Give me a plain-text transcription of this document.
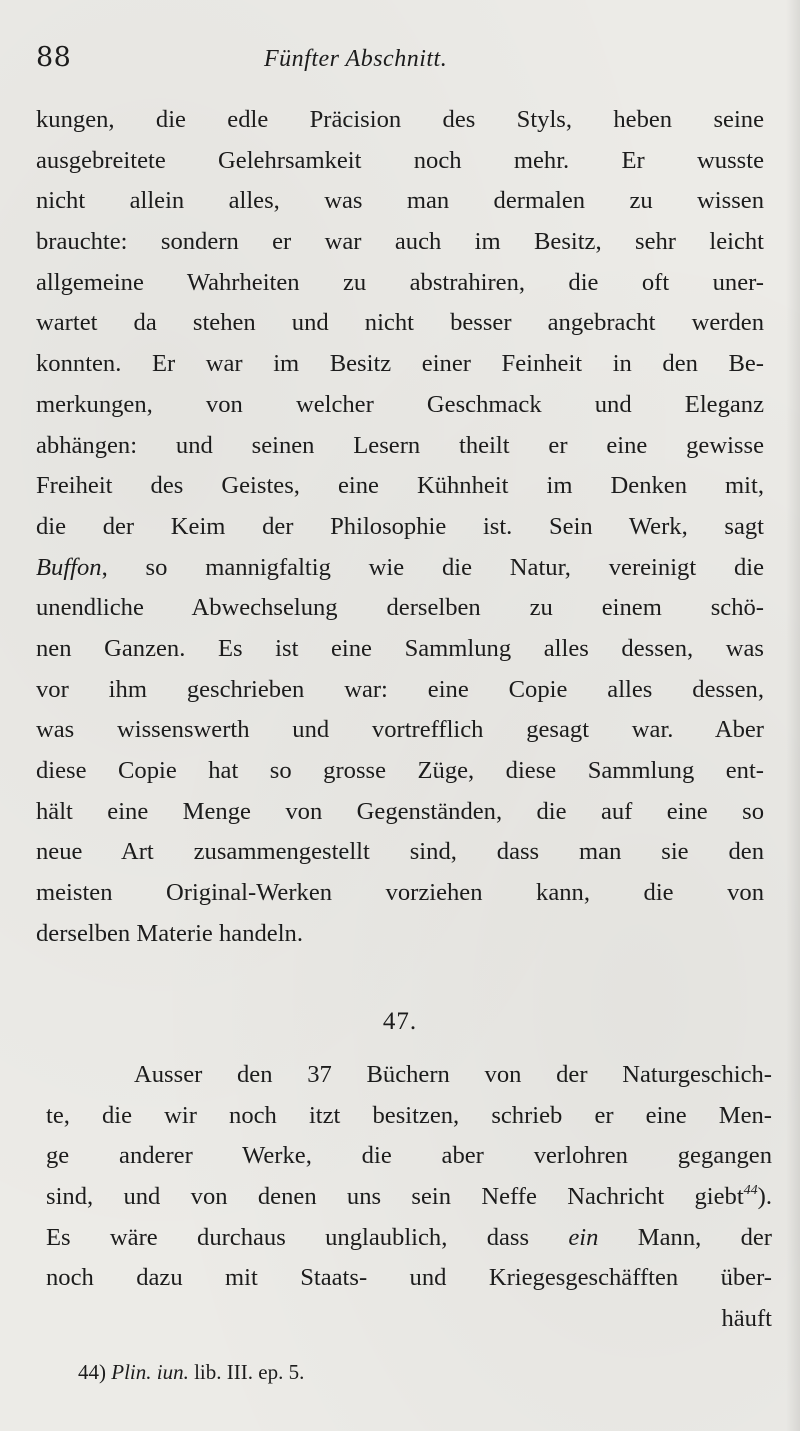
88	Fünfter Abschnitt.
kungen, die edle Präcision des Styls, heben seine
ausgebreitete Gelehrsamkeit noch mehr. Er wusste
nicht allein alles, was man dermalen zu wissen
brauchte: sondern er war auch im Besitz, sehr leicht
allgemeine Wahrheiten zu abstrahiren, die oft uner-
wartet da stehen und nicht besser angebracht werden
konnten. Er war im Besitz einer Feinheit in den Be-
merkungen, von welcher Geschmack und Eleganz
abhängen: und seinen Lesern theilt er eine gewisse
Freiheit des Geistes, eine Kühnheit im Denken mit,
die der Keim der Philosophie ist. Sein Werk, sagt
Buffon, so mannigfaltig wie die Natur, vereinigt die
unendliche Abwechselung derselben zu einem schö-
nen Ganzen. Es ist eine Sammlung alles dessen, was
vor ihm geschrieben war: eine Copie alles dessen,
was wissenswerth und vortrefflich gesagt war. Aber
diese Copie hat so grosse Züge, diese Sammlung ent-
hält eine Menge von Gegenständen, die auf eine so
neue Art zusammengestellt sind, dass man sie den
meisten Original-Werken vorziehen kann, die von
derselben Materie handeln.
47.
Ausser den 37 Büchern von der Naturgeschich-
te, die wir noch itzt besitzen, schrieb er eine Men-
ge anderer Werke, die aber verlohren gegangen
sind, und von denen uns sein Neffe Nachricht giebt$^{44}$).
Es wäre durchaus unglaublich, dass ein Mann, der
noch dazu mit Staats- und Kriegesgeschäfften über-
häuft
44) Plin. iun. lib. III. ep. 5.
